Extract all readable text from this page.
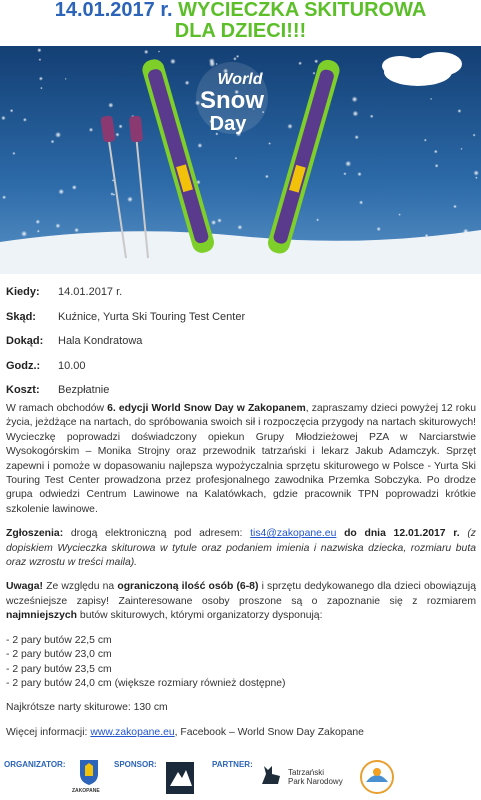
14.01.2017 r. WYCIECZKA SKITUROWA
DLA DZIECI!!!
World
Snow
Day
Kiedy:	14.01.2017 r.
Skąd:	Kuźnice, Yurta Ski Touring Test Center
Dokąd:	Hala Kondratowa
Godz.:	10.00
Koszt:	Bezpłatnie

W ramach obchodów 6. edycji World Snow Day w Zakopanem, zapraszamy dzieci powyżej 12 roku życia, jeżdżące na nartach, do spróbowania swoich sił i rozpoczęcia przygody na nartach skiturowych! Wycieczkę poprowadzi doświadczony opiekun Grupy Młodzieżowej PZA w Narciarstwie Wysokogórskim – Monika Strojny oraz przewodnik tatrzański i lekarz Jakub Adamczyk. Sprzęt zapewni i pomoże w dopasowaniu najlepsza wypożyczalnia sprzętu skiturowego w Polsce - Yurta Ski Touring Test Center prowadzona przez profesjonalnego zawodnika Przemka Sobczyka. Po drodze grupa odwiedzi Centrum Lawinowe na Kalatówkach, gdzie pracownik TPN poprowadzi krótkie szkolenie lawinowe.

Zgłoszenia: drogą elektroniczną pod adresem: tis4@zakopane.eu do dnia 12.01.2017 r. (z dopiskiem Wycieczka skiturowa w tytule oraz podaniem imienia i nazwiska dziecka, rozmiaru buta oraz wzrostu w treści maila).

Uwaga! Ze względu na ograniczoną ilość osób (6-8) i sprzętu dedykowanego dla dzieci obowiązują wcześniejsze zapisy! Zainteresowane osoby proszone są o zapoznanie się z rozmiarem najmniejszych butów skiturowych, którymi organizatorzy dysponują:

- 2 pary butów 22,5 cm
- 2 pary butów 23,0 cm
- 2 pary butów 23,5 cm
- 2 pary butów 24,0 cm (większe rozmiary również dostępne)

Najkrótsze narty skiturowe: 130 cm

Więcej informacji: www.zakopane.eu, Facebook – World Snow Day Zakopane

ORGANIZATOR:
ZAKOPANE
SPONSOR:	PARTNER:
Tatrzański
Park Narodowy
